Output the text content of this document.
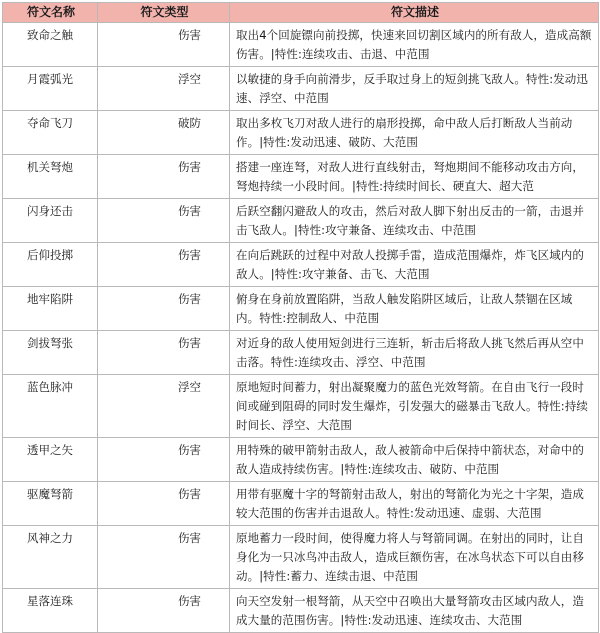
符文名称	符文类型	符文描述
致命之触	伤害	取出4个回旋镖向前投掷，快速来回切割区域内的所有敌人，造成高额伤害。|特性:连续攻击、击退、中范围
月霞弧光	浮空	以敏捷的身手向前滑步，反手取过身上的短剑挑飞敌人。特性:发动迅速、浮空、中范围
夺命飞刀	破防	取出多枚飞刀对敌人进行的扇形投掷，命中敌人后打断敌人当前动作。|特性:发动迅速、破防、大范围
机关弩炮	伤害	搭建一座连弩，对敌人进行直线射击，弩炮期间不能移动攻击方向，弩炮持续一小段时间。|特性:持续时间长、硬直大、超大范
闪身还击	伤害	后跃空翻闪避敌人的攻击，然后对敌人脚下射出反击的一箭，击退并击飞敌人。|特性:攻守兼备、连续攻击、中范围
后仰投掷	伤害	在向后跳跃的过程中对敌人投掷手雷，造成范围爆炸，炸飞区域内的敌人。|特性:攻守兼备、击飞、大范围
地牢陷阱	伤害	俯身在身前放置陷阱，当敌人触发陷阱区域后，让敌人禁锢在区域内。特性:控制敌人、中范围
剑拔弩张	伤害	对近身的敌人使用短剑进行三连斩，斩击后将敌人挑飞然后再从空中击落。特性:连续攻击、浮空、中范围
蓝色脉冲	浮空	原地短时间蓄力，射出凝聚魔力的蓝色光效弩箭。在自由飞行一段时间或碰到阻碍的同时发生爆炸，引发强大的磁暴击飞敌人。特性:持续时间长、浮空、大范围
透甲之矢	伤害	用特殊的破甲箭射击敌人，敌人被箭命中后保持中箭状态，对命中的敌人造成持续伤害。|特性:连续攻击、破防、中范围
驱魔弩箭	伤害	用带有驱魔十字的弩箭射击敌人，射出的弩箭化为光之十字架，造成较大范围的伤害并击退敌人。特性:发动迅速、虚弱、大范围
风神之力	伤害	原地蓄力一段时间，使得魔力将人与弩箭同调。在射出的同时，让自身化为一只冰鸟冲击敌人，造成巨额伤害，在冰鸟状态下可以自由移动。|特性:蓄力、连续击退、中范围
星落连珠	伤害	向天空发射一根弩箭，从天空中召唤出大量弩箭攻击区域内敌人，造成大量的范围伤害。|特性:发动迅速、连续攻击、大范围
